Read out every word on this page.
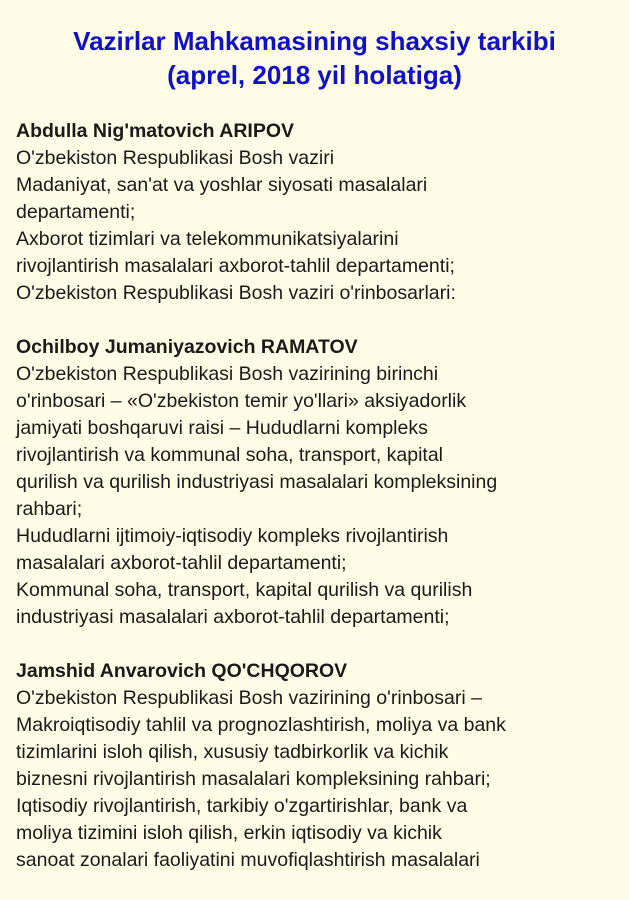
Vazirlar Mahkamasining shaxsiy tarkibi
(aprel, 2018 yil holatiga)

Abdulla Nig'matovich ARIPOV

O'zbekiston Respublikasi Bosh vaziri

Madaniyat, san'at va yoshlar siyosati masalalari

departamenti;

Axborot tizimlari va telekommunikatsiyalarini

rivojlantirish masalalari axborot-tahlil departamenti;

O'zbekiston Respublikasi Bosh vaziri o'rinbosarlari:

Ochilboy Jumaniyazovich RAMATOV

O'zbekiston Respublikasi Bosh vazirining birinchi

o'rinbosari – «O'zbekiston temir yo'llari» aksiyadorlik

jamiyati boshqaruvi raisi – Hududlarni kompleks

rivojlantirish va kommunal soha, transport, kapital

qurilish va qurilish industriyasi masalalari kompleksining

rahbari;

Hududlarni ijtimoiy-iqtisodiy kompleks rivojlantirish

masalalari axborot-tahlil departamenti;

Kommunal soha, transport, kapital qurilish va qurilish

industriyasi masalalari axborot-tahlil departamenti;

Jamshid Anvarovich QO'CHQOROV

O'zbekiston Respublikasi Bosh vazirining o'rinbosari –

Makroiqtisodiy tahlil va prognozlashtirish, moliya va bank

tizimlarini isloh qilish, xususiy tadbirkorlik va kichik

biznesni rivojlantirish masalalari kompleksining rahbari;

Iqtisodiy rivojlantirish, tarkibiy o'zgartirishlar, bank va

moliya tizimini isloh qilish, erkin iqtisodiy va kichik

sanoat zonalari faoliyatini muvofiqlashtirish masalalari
